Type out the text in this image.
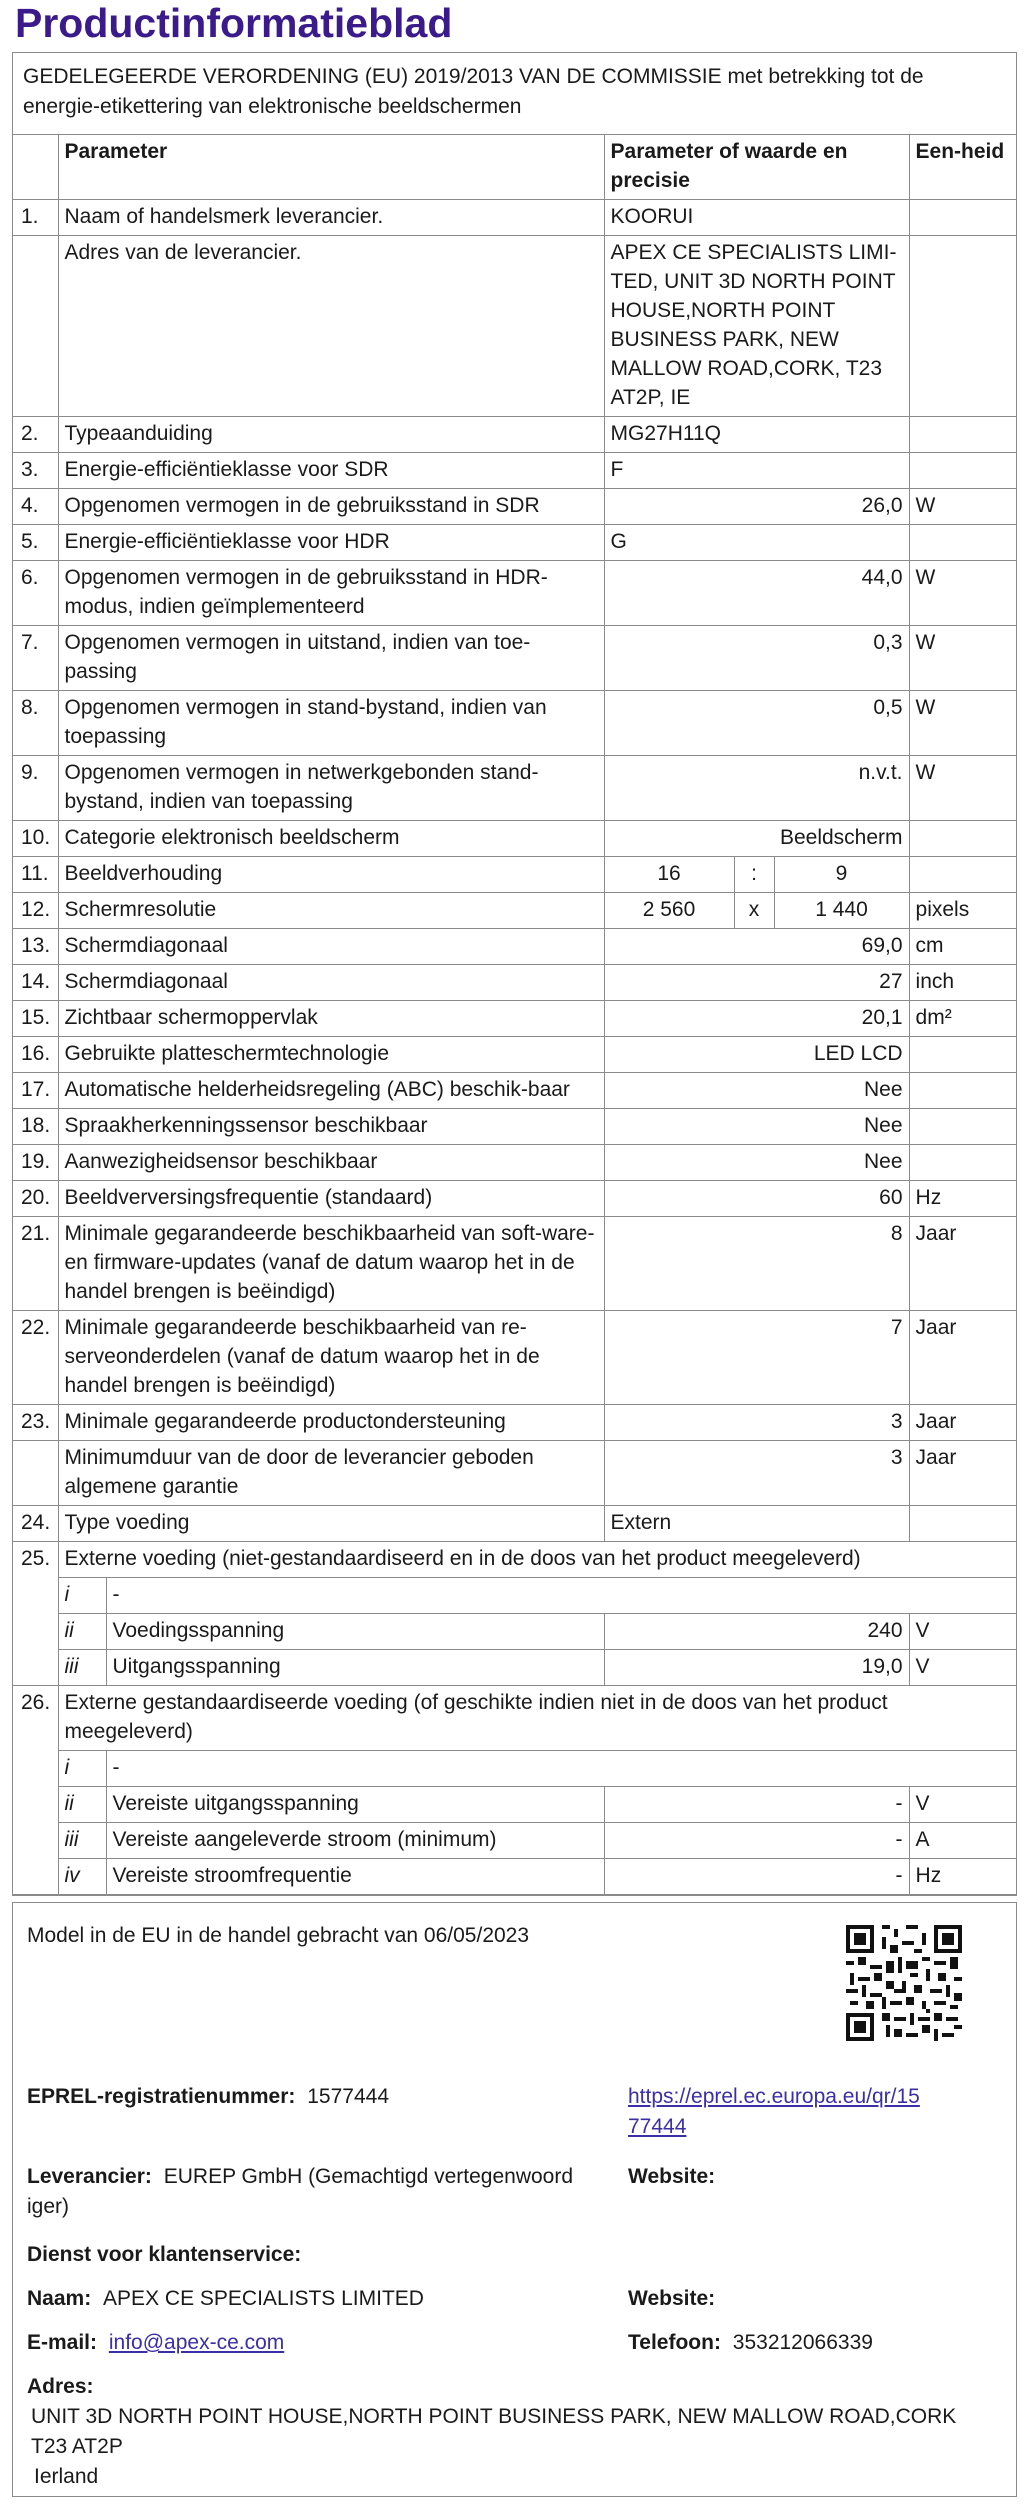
Productinformatieblad
GEDELEGEERDE VERORDENING (EU) 2019/2013 VAN DE COMMISSIE met betrekking tot de energie-etikettering van elektronische beeldschermen
	Parameter		Parameter of waarde en precisie			Een-heid
1.	Naam of handelsmerk leverancier.		KOORUI			
	Adres van de leverancier.		APEX CE SPECIALISTS LIMI-TED, UNIT 3D NORTH POINT HOUSE,NORTH POINT BUSINESS PARK, NEW MALLOW ROAD,CORK, T23 AT2P, IE			
2.	Typeaanduiding		MG27H11Q			
3.	Energie-efficiëntieklasse voor SDR		F			
4.	Opgenomen vermogen in de gebruiksstand in SDR		26,0			W
5.	Energie-efficiëntieklasse voor HDR		G			
6.	Opgenomen vermogen in de gebruiksstand in HDR-modus, indien geïmplementeerd		44,0			W
7.	Opgenomen vermogen in uitstand, indien van toe-passing		0,3			W
8.	Opgenomen vermogen in stand-bystand, indien van toepassing		0,5			W
9.	Opgenomen vermogen in netwerkgebonden stand-bystand, indien van toepassing		n.v.t.			W
10.	Categorie elektronisch beeldscherm		Beeldscherm			
11.	Beeldverhouding		16	:	9	
12.	Schermresolutie		2 560	x	1 440	pixels
13.	Schermdiagonaal		69,0			cm
14.	Schermdiagonaal		27			inch
15.	Zichtbaar schermoppervlak		20,1			dm²
16.	Gebruikte platteschermtechnologie		LED LCD			
17.	Automatische helderheidsregeling (ABC) beschik-baar		Nee			
18.	Spraakherkenningssensor beschikbaar		Nee			
19.	Aanwezigheidsensor beschikbaar		Nee			
20.	Beeldverversingsfrequentie (standaard)		60			Hz
21.	Minimale gegarandeerde beschikbaarheid van soft-ware- en firmware-updates (vanaf de datum waarop het in de handel brengen is beëindigd)		8			Jaar
22.	Minimale gegarandeerde beschikbaarheid van re-serveonderdelen (vanaf de datum waarop het in de handel brengen is beëindigd)		7			Jaar
23.	Minimale gegarandeerde productondersteuning		3			Jaar
	Minimumduur van de door de leverancier geboden algemene garantie		3			Jaar
24.	Type voeding		Extern			
25.	Externe voeding (niet-gestandaardiseerd en in de doos van het product meegeleverd)					
	i	-				
	ii	Voedingsspanning	240			V
	iii	Uitgangsspanning	19,0			V
26.	Externe gestandaardiseerde voeding (of geschikte indien niet in de doos van het product meegeleverd)					
	i	-				
	ii	Vereiste uitgangsspanning	-			V
	iii	Vereiste aangeleverde stroom (minimum)	-			A
	iv	Vereiste stroomfrequentie	-			Hz
Model in de EU in de handel gebracht van 06/05/2023
EPREL-registratienummer: 1577444	https://eprel.ec.europa.eu/qr/15
77444
Leverancier: EUREP GmbH (Gemachtigd vertegenwoord
iger)
Website:
Dienst voor klantenservice:
Naam: APEX CE SPECIALISTS LIMITED	Website:
E-mail: info@apex-ce.com	Telefoon: 353212066339
Adres:
UNIT 3D NORTH POINT HOUSE,NORTH POINT BUSINESS PARK, NEW MALLOW ROAD,CORK
T23 AT2P
Ierland
